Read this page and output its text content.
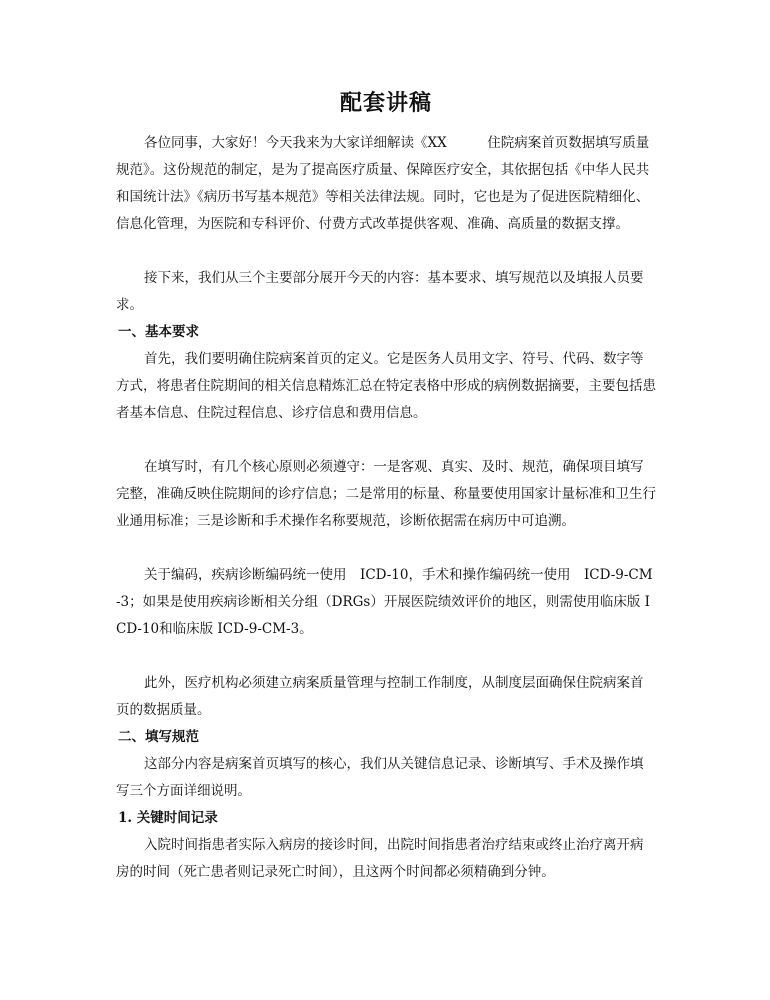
配套讲稿

各位同事，大家好！今天我来为大家详细解读《XX　　　住院病案首页数据填写质量规范》。这份规范的制定，是为了提高医疗质量、保障医疗安全，其依据包括《中华人民共和国统计法》《病历书写基本规范》等相关法律法规。同时，它也是为了促进医院精细化、信息化管理，为医院和专科评价、付费方式改革提供客观、准确、高质量的数据支撑。

接下来，我们从三个主要部分展开今天的内容：基本要求、填写规范以及填报人员要求。

一、基本要求

首先，我们要明确住院病案首页的定义。它是医务人员用文字、符号、代码、数字等方式，将患者住院期间的相关信息精炼汇总在特定表格中形成的病例数据摘要，主要包括患者基本信息、住院过程信息、诊疗信息和费用信息。

在填写时，有几个核心原则必须遵守：一是客观、真实、及时、规范，确保项目填写完整，准确反映住院期间的诊疗信息；二是常用的标量、称量要使用国家计量标准和卫生行业通用标准；三是诊断和手术操作名称要规范，诊断依据需在病历中可追溯。

关于编码，疾病诊断编码统一使用　ICD-10，手术和操作编码统一使用　ICD-9-CM-3；如果是使用疾病诊断相关分组（DRGs）开展医院绩效评价的地区，则需使用临床版 ICD-10和临床版 ICD-9-CM-3。

此外，医疗机构必须建立病案质量管理与控制工作制度，从制度层面确保住院病案首页的数据质量。

二、填写规范

这部分内容是病案首页填写的核心，我们从关键信息记录、诊断填写、手术及操作填写三个方面详细说明。

1. 关键时间记录

入院时间指患者实际入病房的接诊时间，出院时间指患者治疗结束或终止治疗离开病房的时间（死亡患者则记录死亡时间），且这两个时间都必须精确到分钟。
